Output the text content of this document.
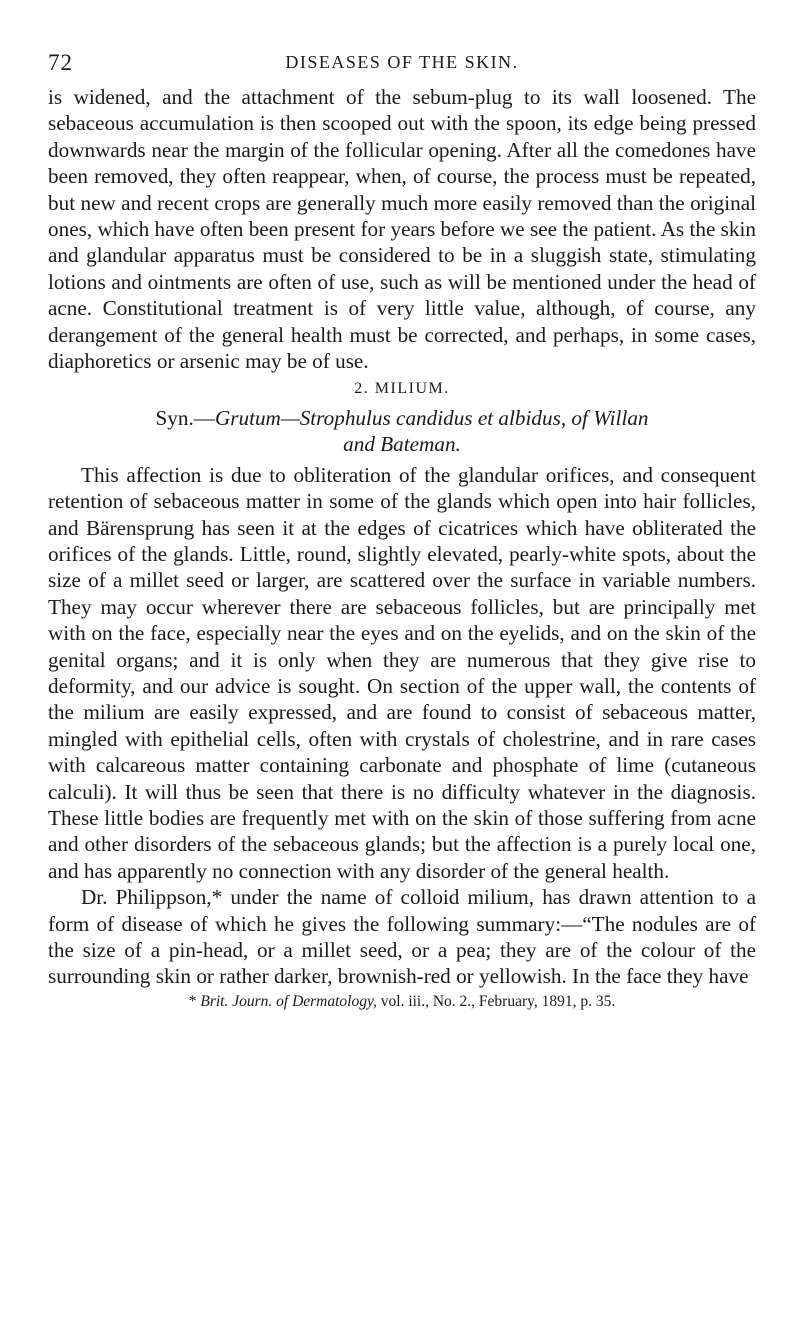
72	DISEASES OF THE SKIN.

is widened, and the attachment of the sebum-plug to its wall loosened. The sebaceous accumulation is then scooped out with the spoon, its edge being pressed downwards near the margin of the follicular opening. After all the comedones have been removed, they often reappear, when, of course, the process must be repeated, but new and recent crops are generally much more easily removed than the original ones, which have often been present for years before we see the patient. As the skin and glandular apparatus must be considered to be in a sluggish state, stimulating lotions and ointments are often of use, such as will be mentioned under the head of acne. Constitutional treatment is of very little value, although, of course, any derangement of the general health must be corrected, and perhaps, in some cases, diaphoretics or arsenic may be of use.

2. MILIUM.
Syn.—Grutum—Strophulus candidus et albidus, of Willan
and Bateman.

This affection is due to obliteration of the glandular orifices, and consequent retention of sebaceous matter in some of the glands which open into hair follicles, and Bärensprung has seen it at the edges of cicatrices which have obliterated the orifices of the glands. Little, round, slightly elevated, pearly-white spots, about the size of a millet seed or larger, are scattered over the surface in variable numbers. They may occur wherever there are sebaceous follicles, but are principally met with on the face, especially near the eyes and on the eyelids, and on the skin of the genital organs; and it is only when they are numerous that they give rise to deformity, and our advice is sought. On section of the upper wall, the contents of the milium are easily expressed, and are found to consist of sebaceous matter, mingled with epithelial cells, often with crystals of cholestrine, and in rare cases with calcareous matter containing carbonate and phosphate of lime (cutaneous calculi). It will thus be seen that there is no difficulty whatever in the diagnosis. These little bodies are frequently met with on the skin of those suffering from acne and other disorders of the sebaceous glands; but the affection is a purely local one, and has apparently no connection with any disorder of the general health.

Dr. Philippson,* under the name of colloid milium, has drawn attention to a form of disease of which he gives the following summary:—“The nodules are of the size of a pin-head, or a millet seed, or a pea; they are of the colour of the surrounding skin or rather darker, brownish-red or yellowish. In the face they have

* Brit. Journ. of Dermatology, vol. iii., No. 2., February, 1891, p. 35.
